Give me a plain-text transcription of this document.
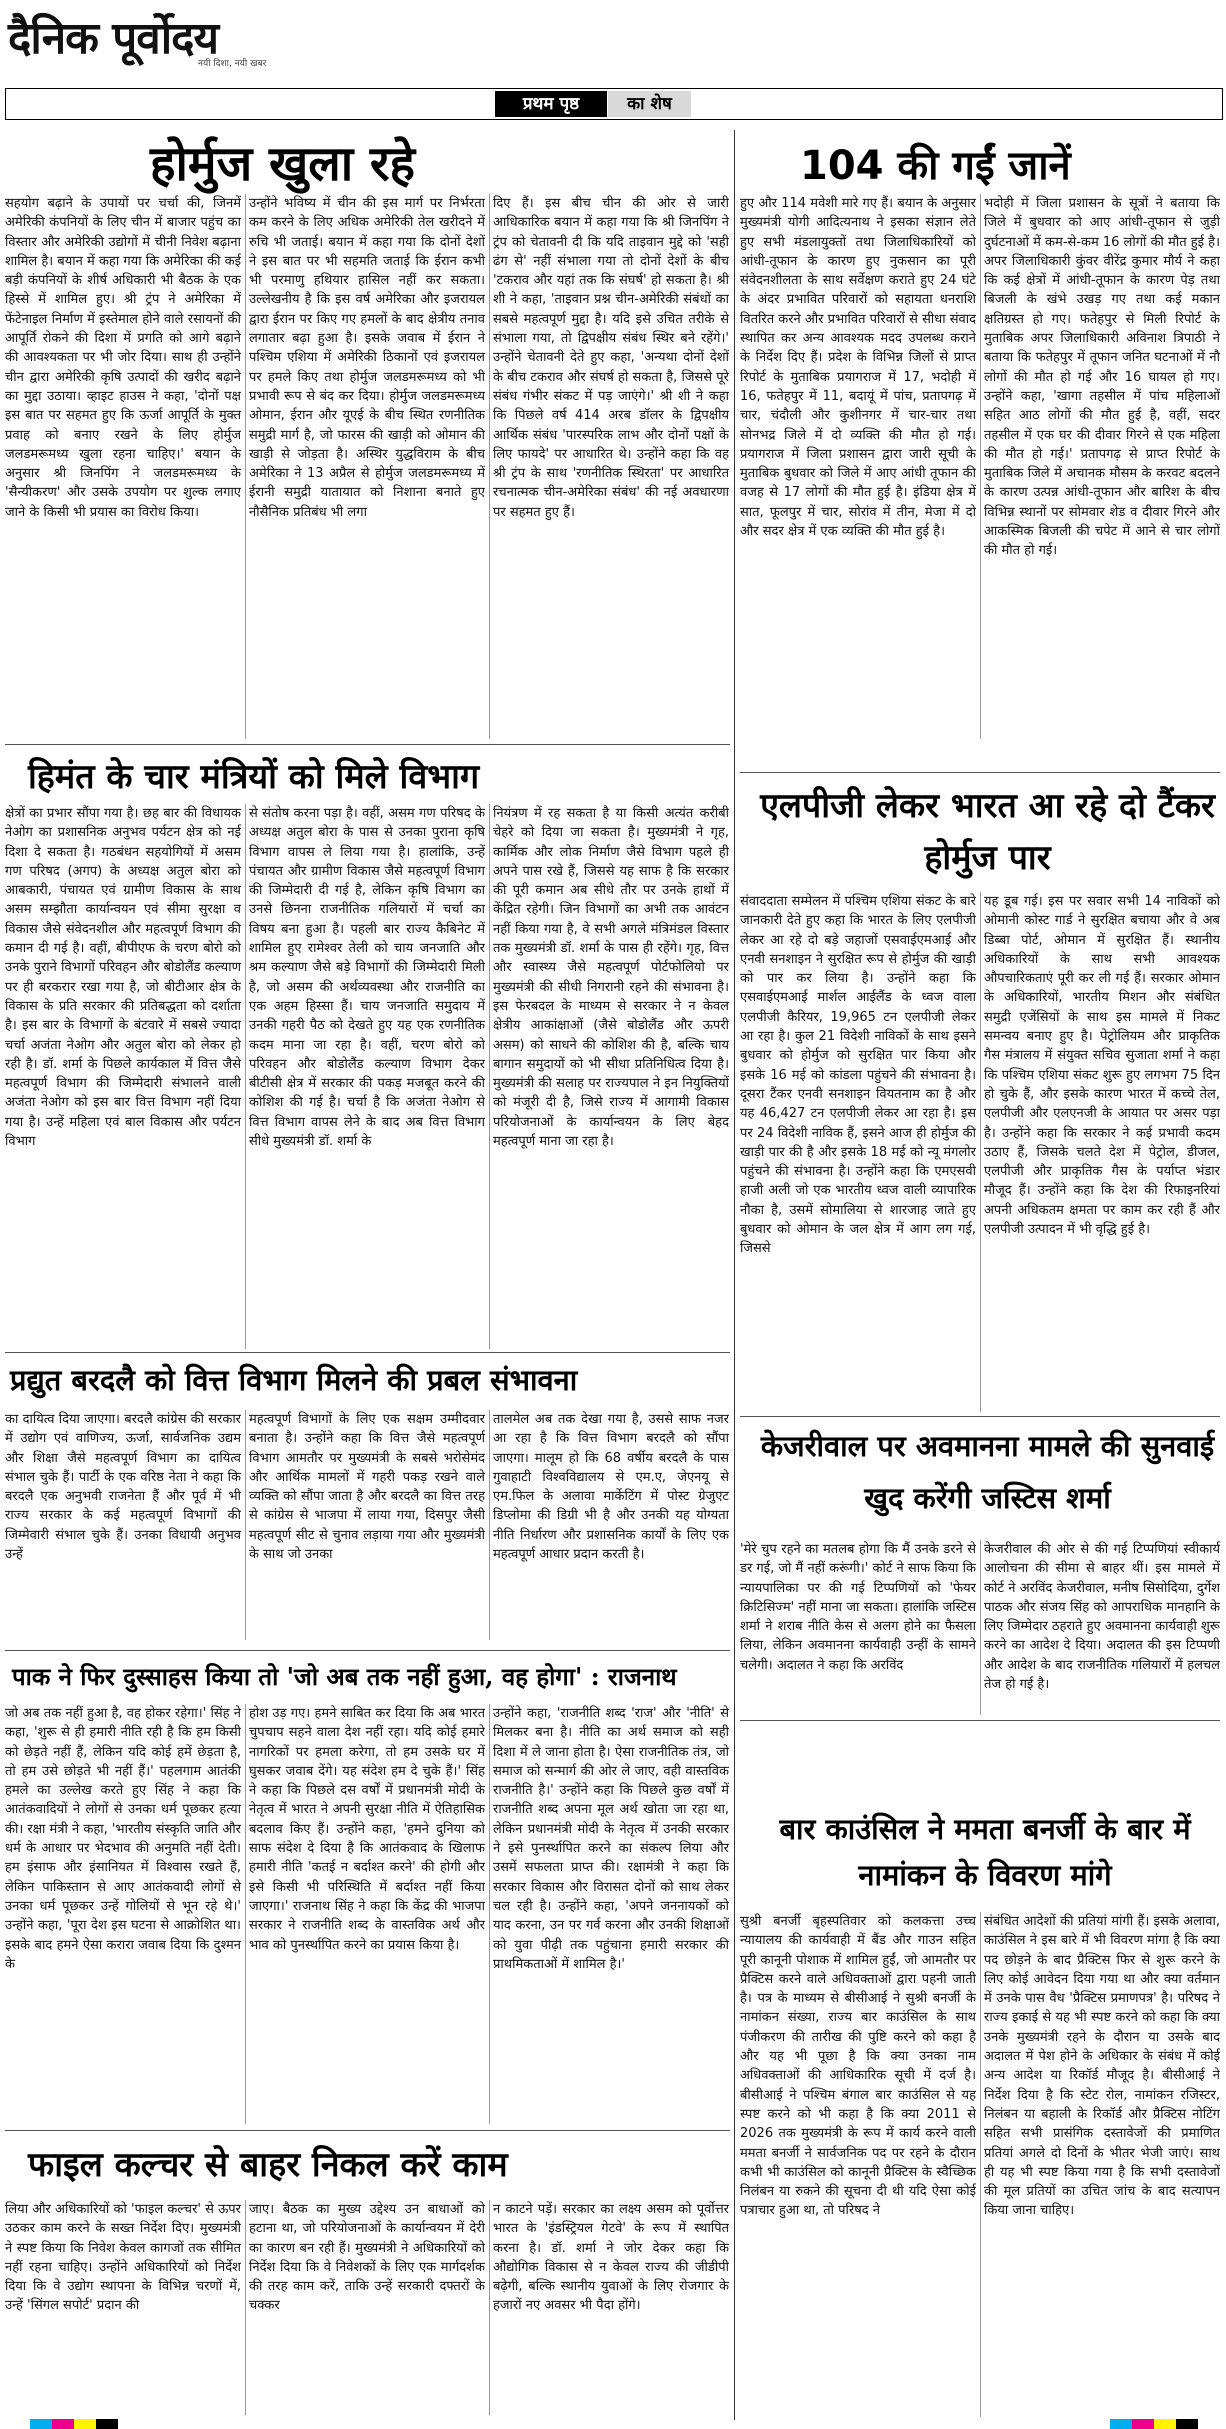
दैनिक पूर्वोदय
नयी दिशा, नयी खबर
प्रथम पृष्ठ	का शेष
होर्मुज खुला रहे
सहयोग बढ़ाने के उपायों पर चर्चा की, जिनमें अमेरिकी कंपनियों के लिए चीन में बाजार पहुंच का विस्तार और अमेरिकी उद्योगों में चीनी निवेश बढ़ाना शामिल है। बयान में कहा गया कि अमेरिका की कई बड़ी कंपनियों के शीर्ष अधिकारी भी बैठक के एक हिस्से में शामिल हुए। श्री ट्रंप ने अमेरिका में फेंटेनाइल निर्माण में इस्तेमाल होने वाले रसायनों की आपूर्ति रोकने की दिशा में प्रगति को आगे बढ़ाने की आवश्यकता पर भी जोर दिया। साथ ही उन्होंने चीन द्वारा अमेरिकी कृषि उत्पादों की खरीद बढ़ाने का मुद्दा उठाया। व्हाइट हाउस ने कहा, 'दोनों पक्ष इस बात पर सहमत हुए कि ऊर्जा आपूर्ति के मुक्त प्रवाह को बनाए रखने के लिए होर्मुज जलडमरूमध्य खुला रहना चाहिए।' बयान के अनुसार श्री जिनपिंग ने जलडमरूमध्य के 'सैन्यीकरण' और उसके उपयोग पर शुल्क लगाए जाने के किसी भी प्रयास का विरोध किया।
उन्होंने भविष्य में चीन की इस मार्ग पर निर्भरता कम करने के लिए अधिक अमेरिकी तेल खरीदने में रुचि भी जताई। बयान में कहा गया कि दोनों देशों ने इस बात पर भी सहमति जताई कि ईरान कभी भी परमाणु हथियार हासिल नहीं कर सकता। उल्लेखनीय है कि इस वर्ष अमेरिका और इजरायल द्वारा ईरान पर किए गए हमलों के बाद क्षेत्रीय तनाव लगातार बढ़ा हुआ है। इसके जवाब में ईरान ने पश्चिम एशिया में अमेरिकी ठिकानों एवं इजरायल पर हमले किए तथा होर्मुज जलडमरूमध्य को भी प्रभावी रूप से बंद कर दिया। होर्मुज जलडमरूमध्य ओमान, ईरान और यूएई के बीच स्थित रणनीतिक समुद्री मार्ग है, जो फारस की खाड़ी को ओमान की खाड़ी से जोड़ता है। अस्थिर युद्धविराम के बीच अमेरिका ने 13 अप्रैल से होर्मुज जलडमरूमध्य में ईरानी समुद्री यातायात को निशाना बनाते हुए नौसैनिक प्रतिबंध भी लगा
दिए हैं। इस बीच चीन की ओर से जारी आधिकारिक बयान में कहा गया कि श्री जिनपिंग ने ट्रंप को चेतावनी दी कि यदि ताइवान मुद्दे को 'सही ढंग से' नहीं संभाला गया तो दोनों देशों के बीच 'टकराव और यहां तक कि संघर्ष' हो सकता है। श्री शी ने कहा, 'ताइवान प्रश्न चीन-अमेरिकी संबंधों का सबसे महत्वपूर्ण मुद्दा है। यदि इसे उचित तरीके से संभाला गया, तो द्विपक्षीय संबंध स्थिर बने रहेंगे।' उन्होंने चेतावनी देते हुए कहा, 'अन्यथा दोनों देशों के बीच टकराव और संघर्ष हो सकता है, जिससे पूरे संबंध गंभीर संकट में पड़ जाएंगे।' श्री शी ने कहा कि पिछले वर्ष 414 अरब डॉलर के द्विपक्षीय आर्थिक संबंध 'पारस्परिक लाभ और दोनों पक्षों के लिए फायदे' पर आधारित थे। उन्होंने कहा कि वह श्री ट्रंप के साथ 'रणनीतिक स्थिरता' पर आधारित रचनात्मक चीन-अमेरिका संबंध' की नई अवधारणा पर सहमत हुए हैं।
104 की गईं जानें
हुए और 114 मवेशी मारे गए हैं। बयान के अनुसार मुख्यमंत्री योगी आदित्यनाथ ने इसका संज्ञान लेते हुए सभी मंडलायुक्तों तथा जिलाधिकारियों को आंधी-तूफान के कारण हुए नुकसान का पूरी संवेदनशीलता के साथ सर्वेक्षण कराते हुए 24 घंटे के अंदर प्रभावित परिवारों को सहायता धनराशि वितरित करने और प्रभावित परिवारों से सीधा संवाद स्थापित कर अन्य आवश्यक मदद उपलब्ध कराने के निर्देश दिए हैं। प्रदेश के विभिन्न जिलों से प्राप्त रिपोर्ट के मुताबिक प्रयागराज में 17, भदोही में 16, फतेहपुर में 11, बदायूं में पांच, प्रतापगढ़ में चार, चंदौली और कुशीनगर में चार-चार तथा सोनभद्र जिले में दो व्यक्ति की मौत हो गई। प्रयागराज में जिला प्रशासन द्वारा जारी सूची के मुताबिक बुधवार को जिले में आए आंधी तूफान की वजह से 17 लोगों की मौत हुई है। इंडिया क्षेत्र में सात, फूलपुर में चार, सोरांव में तीन, मेजा में दो और सदर क्षेत्र में एक व्यक्ति की मौत हुई है।
भदोही में जिला प्रशासन के सूत्रों ने बताया कि जिले में बुधवार को आए आंधी-तूफान से जुड़ी दुर्घटनाओं में कम-से-कम 16 लोगों की मौत हुई है। अपर जिलाधिकारी कुंवर वीरेंद्र कुमार मौर्य ने कहा कि कई क्षेत्रों में आंधी-तूफान के कारण पेड़ तथा बिजली के खंभे उखड़ गए तथा कई मकान क्षतिग्रस्त हो गए। फतेहपुर से मिली रिपोर्ट के मुताबिक अपर जिलाधिकारी अविनाश त्रिपाठी ने बताया कि फतेहपुर में तूफान जनित घटनाओं में नौ लोगों की मौत हो गई और 16 घायल हो गए। उन्होंने कहा, 'खागा तहसील में पांच महिलाओं सहित आठ लोगों की मौत हुई है, वहीं, सदर तहसील में एक घर की दीवार गिरने से एक महिला की मौत हो गई।' प्रतापगढ़ से प्राप्त रिपोर्ट के मुताबिक जिले में अचानक मौसम के करवट बदलने के कारण उत्पन्न आंधी-तूफान और बारिश के बीच विभिन्न स्थानों पर सोमवार शेड व दीवार गिरने और आकस्मिक बिजली की चपेट में आने से चार लोगों की मौत हो गई।
हिमंत के चार मंत्रियों को मिले विभाग
क्षेत्रों का प्रभार सौंपा गया है। छह बार की विधायक नेओग का प्रशासनिक अनुभव पर्यटन क्षेत्र को नई दिशा दे सकता है। गठबंधन सहयोगियों में असम गण परिषद (अगप) के अध्यक्ष अतुल बोरा को आबकारी, पंचायत एवं ग्रामीण विकास के साथ असम सम्झौता कार्यान्वयन एवं सीमा सुरक्षा व विकास जैसे संवेदनशील और महत्वपूर्ण विभाग की कमान दी गई है। वहीं, बीपीएफ के चरण बोरो को उनके पुराने विभागों परिवहन और बोडोलैंड कल्याण पर ही बरकरार रखा गया है, जो बीटीआर क्षेत्र के विकास के प्रति सरकार की प्रतिबद्धता को दर्शाता है। इस बार के विभागों के बंटवारे में सबसे ज्यादा चर्चा अजंता नेओग और अतुल बोरा को लेकर हो रही है। डॉ. शर्मा के पिछले कार्यकाल में वित्त जैसे महत्वपूर्ण विभाग की जिम्मेदारी संभालने वाली अजंता नेओग को इस बार वित्त विभाग नहीं दिया गया है। उन्हें महिला एवं बाल विकास और पर्यटन विभाग
से संतोष करना पड़ा है। वहीं, असम गण परिषद के अध्यक्ष अतुल बोरा के पास से उनका पुराना कृषि विभाग वापस ले लिया गया है। हालांकि, उन्हें पंचायत और ग्रामीण विकास जैसे महत्वपूर्ण विभाग की जिम्मेदारी दी गई है, लेकिन कृषि विभाग का उनसे छिनना राजनीतिक गलियारों में चर्चा का विषय बना हुआ है। पहली बार राज्य कैबिनेट में शामिल हुए रामेश्वर तेली को चाय जनजाति और श्रम कल्याण जैसे बड़े विभागों की जिम्मेदारी मिली है, जो असम की अर्थव्यवस्था और राजनीति का एक अहम हिस्सा हैं। चाय जनजाति समुदाय में उनकी गहरी पैठ को देखते हुए यह एक रणनीतिक कदम माना जा रहा है। वहीं, चरण बोरो को परिवहन और बोडोलैंड कल्याण विभाग देकर बीटीसी क्षेत्र में सरकार की पकड़ मजबूत करने की कोशिश की गई है। चर्चा है कि अजंता नेओग से वित्त विभाग वापस लेने के बाद अब वित्त विभाग सीधे मुख्यमंत्री डॉ. शर्मा के
नियंत्रण में रह सकता है या किसी अत्यंत करीबी चेहरे को दिया जा सकता है। मुख्यमंत्री ने गृह, कार्मिक और लोक निर्माण जैसे विभाग पहले ही अपने पास रखे हैं, जिससे यह साफ है कि सरकार की पूरी कमान अब सीधे तौर पर उनके हाथों में केंद्रित रहेगी। जिन विभागों का अभी तक आवंटन नहीं किया गया है, वे सभी अगले मंत्रिमंडल विस्तार तक मुख्यमंत्री डॉ. शर्मा के पास ही रहेंगे। गृह, वित्त और स्वास्थ्य जैसे महत्वपूर्ण पोर्टफोलियो पर मुख्यमंत्री की सीधी निगरानी रहने की संभावना है। इस फेरबदल के माध्यम से सरकार ने न केवल क्षेत्रीय आकांक्षाओं (जैसे बोडोलैंड और ऊपरी असम) को साधने की कोशिश की है, बल्कि चाय बागान समुदायों को भी सीधा प्रतिनिधित्व दिया है। मुख्यमंत्री की सलाह पर राज्यपाल ने इन नियुक्तियों को मंजूरी दी है, जिसे राज्य में आगामी विकास परियोजनाओं के कार्यान्वयन के लिए बेहद महत्वपूर्ण माना जा रहा है।
एलपीजी लेकर भारत आ रहे दो टैंकर होर्मुज पार
संवाददाता सम्मेलन में पश्चिम एशिया संकट के बारे जानकारी देते हुए कहा कि भारत के लिए एलपीजी लेकर आ रहे दो बड़े जहाजों एसवाईएमआई और एनवी सनशाइन ने सुरक्षित रूप से होर्मुज की खाड़ी को पार कर लिया है। उन्होंने कहा कि एसवाईएमआई मार्शल आईलैंड के ध्वज वाला एलपीजी कैरियर, 19,965 टन एलपीजी लेकर आ रहा है। कुल 21 विदेशी नाविकों के साथ इसने बुधवार को होर्मुज को सुरक्षित पार किया और इसके 16 मई को कांडला पहुंचने की संभावना है। दूसरा टैंकर एनवी सनशाइन वियतनाम का है और यह 46,427 टन एलपीजी लेकर आ रहा है। इस पर 24 विदेशी नाविक हैं, इसने आज ही होर्मुज की खाड़ी पार की है और इसके 18 मई को न्यू मंगलोर पहुंचने की संभावना है। उन्होंने कहा कि एमएसवी हाजी अली जो एक भारतीय ध्वज वाली व्यापारिक नौका है, उसमें सोमालिया से शारजाह जाते हुए बुधवार को ओमान के जल क्षेत्र में आग लग गई, जिससे
यह डूब गई। इस पर सवार सभी 14 नाविकों को ओमानी कोस्ट गार्ड ने सुरक्षित बचाया और वे अब डिब्बा पोर्ट, ओमान में सुरक्षित हैं। स्थानीय अधिकारियों के साथ सभी आवश्यक औपचारिकताएं पूरी कर ली गई हैं। सरकार ओमान के अधिकारियों, भारतीय मिशन और संबंधित समुद्री एजेंसियों के साथ इस मामले में निकट समन्वय बनाए हुए है। पेट्रोलियम और प्राकृतिक गैस मंत्रालय में संयुक्त सचिव सुजाता शर्मा ने कहा कि पश्चिम एशिया संकट शुरू हुए लगभग 75 दिन हो चुके हैं, और इसके कारण भारत में कच्चे तेल, एलपीजी और एलएनजी के आयात पर असर पड़ा है। उन्होंने कहा कि सरकार ने कई प्रभावी कदम उठाए हैं, जिसके चलते देश में पेट्रोल, डीजल, एलपीजी और प्राकृतिक गैस के पर्याप्त भंडार मौजूद हैं। उन्होंने कहा कि देश की रिफाइनरियां अपनी अधिकतम क्षमता पर काम कर रही हैं और एलपीजी उत्पादन में भी वृद्धि हुई है।
प्रद्युत बरदलै को वित्त विभाग मिलने की प्रबल संभावना
का दायित्व दिया जाएगा। बरदलै कांग्रेस की सरकार में उद्योग एवं वाणिज्य, ऊर्जा, सार्वजनिक उद्यम और शिक्षा जैसे महत्वपूर्ण विभाग का दायित्व संभाल चुके हैं। पार्टी के एक वरिष्ठ नेता ने कहा कि बरदलै एक अनुभवी राजनेता हैं और पूर्व में भी राज्य सरकार के कई महत्वपूर्ण विभागों की जिम्मेवारी संभाल चुके हैं। उनका विधायी अनुभव उन्हें
महत्वपूर्ण विभागों के लिए एक सक्षम उम्मीदवार बनाता है। उन्होंने कहा कि वित्त जैसे महत्वपूर्ण विभाग आमतौर पर मुख्यमंत्री के सबसे भरोसेमंद और आर्थिक मामलों में गहरी पकड़ रखने वाले व्यक्ति को सौंपा जाता है और बरदलै का वित्त तरह से कांग्रेस से भाजपा में लाया गया, दिसपुर जैसी महत्वपूर्ण सीट से चुनाव लड़ाया गया और मुख्यमंत्री के साथ जो उनका
तालमेल अब तक देखा गया है, उससे साफ नजर आ रहा है कि वित्त विभाग बरदलै को सौंपा जाएगा। मालूम हो कि 68 वर्षीय बरदलै के पास गुवाहाटी विश्वविद्यालय से एम.ए, जेएनयू से एम.फिल के अलावा मार्केटिंग में पोस्ट ग्रेजुएट डिप्लोमा की डिग्री भी है और उनकी यह योग्यता नीति निर्धारण और प्रशासनिक कार्यों के लिए एक महत्वपूर्ण आधार प्रदान करती है।
केजरीवाल पर अवमानना मामले की सुनवाई खुद करेंगी जस्टिस शर्मा
'मेरे चुप रहने का मतलब होगा कि मैं उनके डरने से डर गई, जो मैं नहीं करूंगी।' कोर्ट ने साफ किया कि न्यायपालिका पर की गई टिप्पणियों को 'फेयर क्रिटिसिज्म' नहीं माना जा सकता। हालांकि जस्टिस शर्मा ने शराब नीति केस से अलग होने का फैसला लिया, लेकिन अवमानना कार्यवाही उन्हीं के सामने चलेगी। अदालत ने कहा कि अरविंद
केजरीवाल की ओर से की गई टिप्पणियां स्वीकार्य आलोचना की सीमा से बाहर थीं। इस मामले में कोर्ट ने अरविंद केजरीवाल, मनीष सिसोदिया, दुर्गेश पाठक और संजय सिंह को आपराधिक मानहानि के लिए जिम्मेदार ठहराते हुए अवमानना कार्यवाही शुरू करने का आदेश दे दिया। अदालत की इस टिप्पणी और आदेश के बाद राजनीतिक गलियारों में हलचल तेज हो गई है।
पाक ने फिर दुस्साहस किया तो 'जो अब तक नहीं हुआ, वह होगा' : राजनाथ
जो अब तक नहीं हुआ है, वह होकर रहेगा।' सिंह ने कहा, 'शुरू से ही हमारी नीति रही है कि हम किसी को छेड़ते नहीं हैं, लेकिन यदि कोई हमें छेड़ता है, तो हम उसे छोड़ते भी नहीं हैं।' पहलगाम आतंकी हमले का उल्लेख करते हुए सिंह ने कहा कि आतंकवादियों ने लोगों से उनका धर्म पूछकर हत्या की। रक्षा मंत्री ने कहा, 'भारतीय संस्कृति जाति और धर्म के आधार पर भेदभाव की अनुमति नहीं देती। हम इंसाफ और इंसानियत में विश्वास रखते हैं, लेकिन पाकिस्तान से आए आतंकवादी लोगों से उनका धर्म पूछकर उन्हें गोलियों से भून रहे थे।' उन्होंने कहा, 'पूरा देश इस घटना से आक्रोशित था। इसके बाद हमने ऐसा करारा जवाब दिया कि दुश्मन के
होश उड़ गए। हमने साबित कर दिया कि अब भारत चुपचाप सहने वाला देश नहीं रहा। यदि कोई हमारे नागरिकों पर हमला करेगा, तो हम उसके घर में घुसकर जवाब देंगे। यह संदेश हम दे चुके हैं।' सिंह ने कहा कि पिछले दस वर्षों में प्रधानमंत्री मोदी के नेतृत्व में भारत ने अपनी सुरक्षा नीति में ऐतिहासिक बदलाव किए हैं। उन्होंने कहा, 'हमने दुनिया को साफ संदेश दे दिया है कि आतंकवाद के खिलाफ हमारी नीति 'कतई न बर्दाश्त करने' की होगी और इसे किसी भी परिस्थिति में बर्दाश्त नहीं किया जाएगा।' राजनाथ सिंह ने कहा कि केंद्र की भाजपा सरकार ने राजनीति शब्द के वास्तविक अर्थ और भाव को पुनर्स्थापित करने का प्रयास किया है।
उन्होंने कहा, 'राजनीति शब्द 'राज' और 'नीति' से मिलकर बना है। नीति का अर्थ समाज को सही दिशा में ले जाना होता है। ऐसा राजनीतिक तंत्र, जो समाज को सन्मार्ग की ओर ले जाए, वही वास्तविक राजनीति है।' उन्होंने कहा कि पिछले कुछ वर्षों में राजनीति शब्द अपना मूल अर्थ खोता जा रहा था, लेकिन प्रधानमंत्री मोदी के नेतृत्व में उनकी सरकार ने इसे पुनर्स्थापित करने का संकल्प लिया और उसमें सफलता प्राप्त की। रक्षामंत्री ने कहा कि सरकार विकास और विरासत दोनों को साथ लेकर चल रही है। उन्होंने कहा, 'अपने जननायकों को याद करना, उन पर गर्व करना और उनकी शिक्षाओं को युवा पीढ़ी तक पहुंचाना हमारी सरकार की प्राथमिकताओं में शामिल है।'
बार काउंसिल ने ममता बनर्जी के बार में नामांकन के विवरण मांगे
सुश्री बनर्जी बृहस्पतिवार को कलकत्ता उच्च न्यायालय की कार्यवाही में बैंड और गाउन सहित पूरी कानूनी पोशाक में शामिल हुईं, जो आमतौर पर प्रैक्टिस करने वाले अधिवक्ताओं द्वारा पहनी जाती है। पत्र के माध्यम से बीसीआई ने सुश्री बनर्जी के नामांकन संख्या, राज्य बार काउंसिल के साथ पंजीकरण की तारीख की पुष्टि करने को कहा है और यह भी पूछा है कि क्या उनका नाम अधिवक्ताओं की आधिकारिक सूची में दर्ज है। बीसीआई ने पश्चिम बंगाल बार काउंसिल से यह स्पष्ट करने को भी कहा है कि क्या 2011 से 2026 तक मुख्यमंत्री के रूप में कार्य करने वाली ममता बनर्जी ने सार्वजनिक पद पर रहने के दौरान कभी भी काउंसिल को कानूनी प्रैक्टिस के स्वैच्छिक निलंबन या रुकने की सूचना दी थी यदि ऐसा कोई पत्राचार हुआ था, तो परिषद ने
संबंधित आदेशों की प्रतियां मांगी हैं। इसके अलावा, काउंसिल ने इस बारे में भी विवरण मांगा है कि क्या पद छोड़ने के बाद प्रैक्टिस फिर से शुरू करने के लिए कोई आवेदन दिया गया था और क्या वर्तमान में उनके पास वैध 'प्रैक्टिस प्रमाणपत्र' है। परिषद ने राज्य इकाई से यह भी स्पष्ट करने को कहा कि क्या उनके मुख्यमंत्री रहने के दौरान या उसके बाद अदालत में पेश होने के अधिकार के संबंध में कोई अन्य आदेश या रिकॉर्ड मौजूद है। बीसीआई ने निर्देश दिया है कि स्टेट रोल, नामांकन रजिस्टर, निलंबन या बहाली के रिकॉर्ड और प्रैक्टिस नोटिंग सहित सभी प्रासंगिक दस्तावेजों की प्रमाणित प्रतियां अगले दो दिनों के भीतर भेजी जाएं। साथ ही यह भी स्पष्ट किया गया है कि सभी दस्तावेजों की मूल प्रतियों का उचित जांच के बाद सत्यापन किया जाना चाहिए।
फाइल कल्चर से बाहर निकल करें काम
लिया और अधिकारियों को 'फाइल कल्चर' से ऊपर उठकर काम करने के सख्त निर्देश दिए। मुख्यमंत्री ने स्पष्ट किया कि निवेश केवल कागजों तक सीमित नहीं रहना चाहिए। उन्होंने अधिकारियों को निर्देश दिया कि वे उद्योग स्थापना के विभिन्न चरणों में, उन्हें 'सिंगल सपोर्ट' प्रदान की
जाए। बैठक का मुख्य उद्देश्य उन बाधाओं को हटाना था, जो परियोजनाओं के कार्यान्वयन में देरी का कारण बन रही हैं। मुख्यमंत्री ने अधिकारियों को निर्देश दिया कि वे निवेशकों के लिए एक मार्गदर्शक की तरह काम करें, ताकि उन्हें सरकारी दफ्तरों के चक्कर
न काटने पड़ें। सरकार का लक्ष्य असम को पूर्वोत्तर भारत के 'इंडस्ट्रियल गेटवे' के रूप में स्थापित करना है। डॉ. शर्मा ने जोर देकर कहा कि औद्योगिक विकास से न केवल राज्य की जीडीपी बढ़ेगी, बल्कि स्थानीय युवाओं के लिए रोजगार के हजारों नए अवसर भी पैदा होंगे।
